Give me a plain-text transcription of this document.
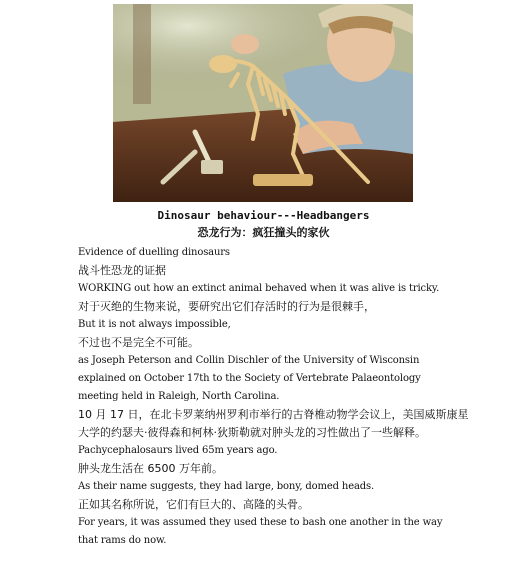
Dinosaur behaviour---Headbangers
恐龙行为：疯狂撞头的家伙
Evidence of duelling dinosaurs
战斗性恐龙的证据
WORKING out how an extinct animal behaved when it was alive is tricky.
对于灭绝的生物来说，要研究出它们存活时的行为是很棘手，
But it is not always impossible,
不过也不是完全不可能。
as Joseph Peterson and Collin Dischler of the University of Wisconsin
explained on October 17th to the Society of Vertebrate Palaeontology
meeting held in Raleigh, North Carolina.
10 月 17 日，在北卡罗莱纳州罗利市举行的古脊椎动物学会议上，美国威斯康星
大学的约瑟夫·彼得森和柯林·狄斯勒就对肿头龙的习性做出了一些解释。
Pachycephalosaurs lived 65m years ago.
肿头龙生活在 6500 万年前。
As their name suggests, they had large, bony, domed heads.
正如其名称所说，它们有巨大的、高隆的头骨。
For years, it was assumed they used these to bash one another in the way
that rams do now.
